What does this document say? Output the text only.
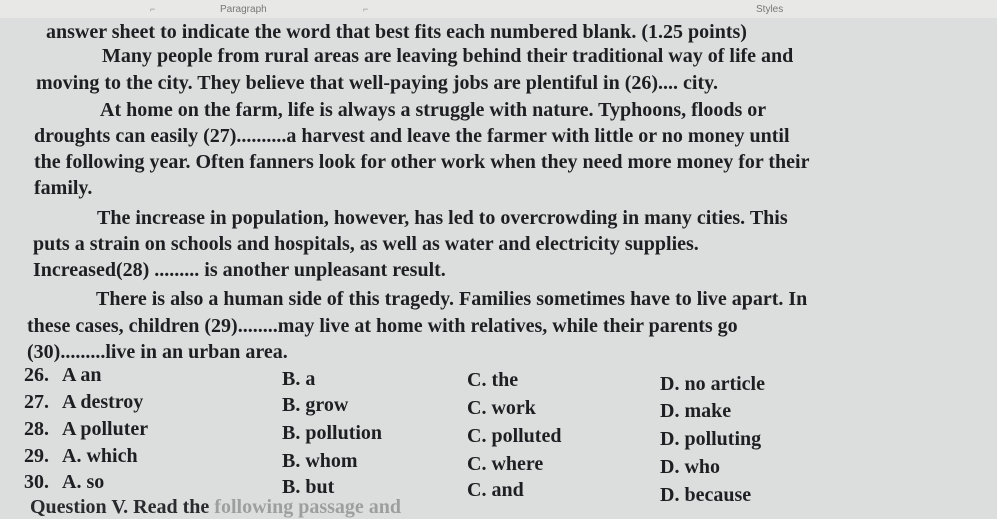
⌐	Paragraph	⌐	Styles
answer sheet to indicate the word that best fits each numbered blank. (1.25 points)
Many people from rural areas are leaving behind their traditional way of life and
moving to the city. They believe that well-paying jobs are plentiful in (26).... city.
At home on the farm, life is always a struggle with nature. Typhoons, floods or
droughts can easily (27)..........a harvest and leave the farmer with little or no money until
the following year. Often fanners look for other work when they need more money for their
family.
The increase in population, however, has led to overcrowding in many cities. This
puts a strain on schools and hospitals, as well as water and electricity supplies.
Increased(28) ......... is another unpleasant result.
There is also a human side of this tragedy. Families sometimes have to live apart. In
these cases, children (29)........may live at home with relatives, while their parents go
(30).........live in an urban area.
26. A an	B. a	C. the	D. no article
27. A destroy	B. grow	C. work	D. make
28. A polluter	B. pollution	C. polluted	D. polluting
29. A. which	B. whom	C. where	D. who
30. A. so	B. but	C. and	D. because
Question V. Read the following passage and
